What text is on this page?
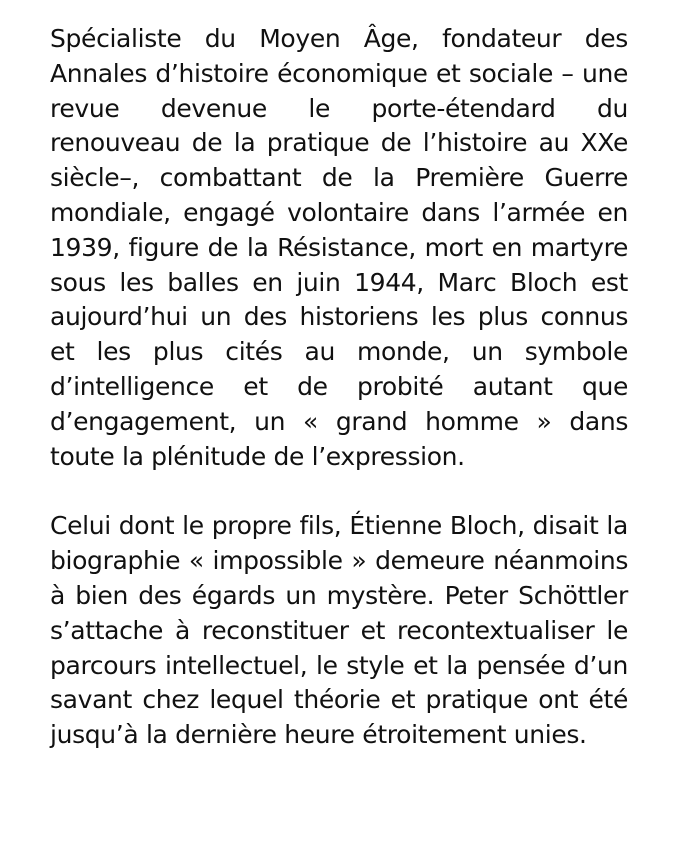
Spécialiste du Moyen Âge, fondateur des Annales d’histoire économique et sociale – une revue devenue le porte-étendard du renouveau de la pratique de l’histoire au XXe siècle–, combattant de la Première Guerre mondiale, engagé volontaire dans l’armée en 1939, figure de la Résistance, mort en martyre sous les balles en juin 1944, Marc Bloch est aujourd’hui un des historiens les plus connus et les plus cités au monde, un symbole d’intelligence et de probité autant que d’engagement, un « grand homme » dans toute la plénitude de l’expression.

Celui dont le propre fils, Étienne Bloch, disait la biographie « impossible » demeure néanmoins à bien des égards un mystère. Peter Schöttler s’attache à reconstituer et recontextualiser le parcours intellectuel, le style et la pensée d’un savant chez lequel théorie et pratique ont été jusqu’à la dernière heure étroitement unies.
